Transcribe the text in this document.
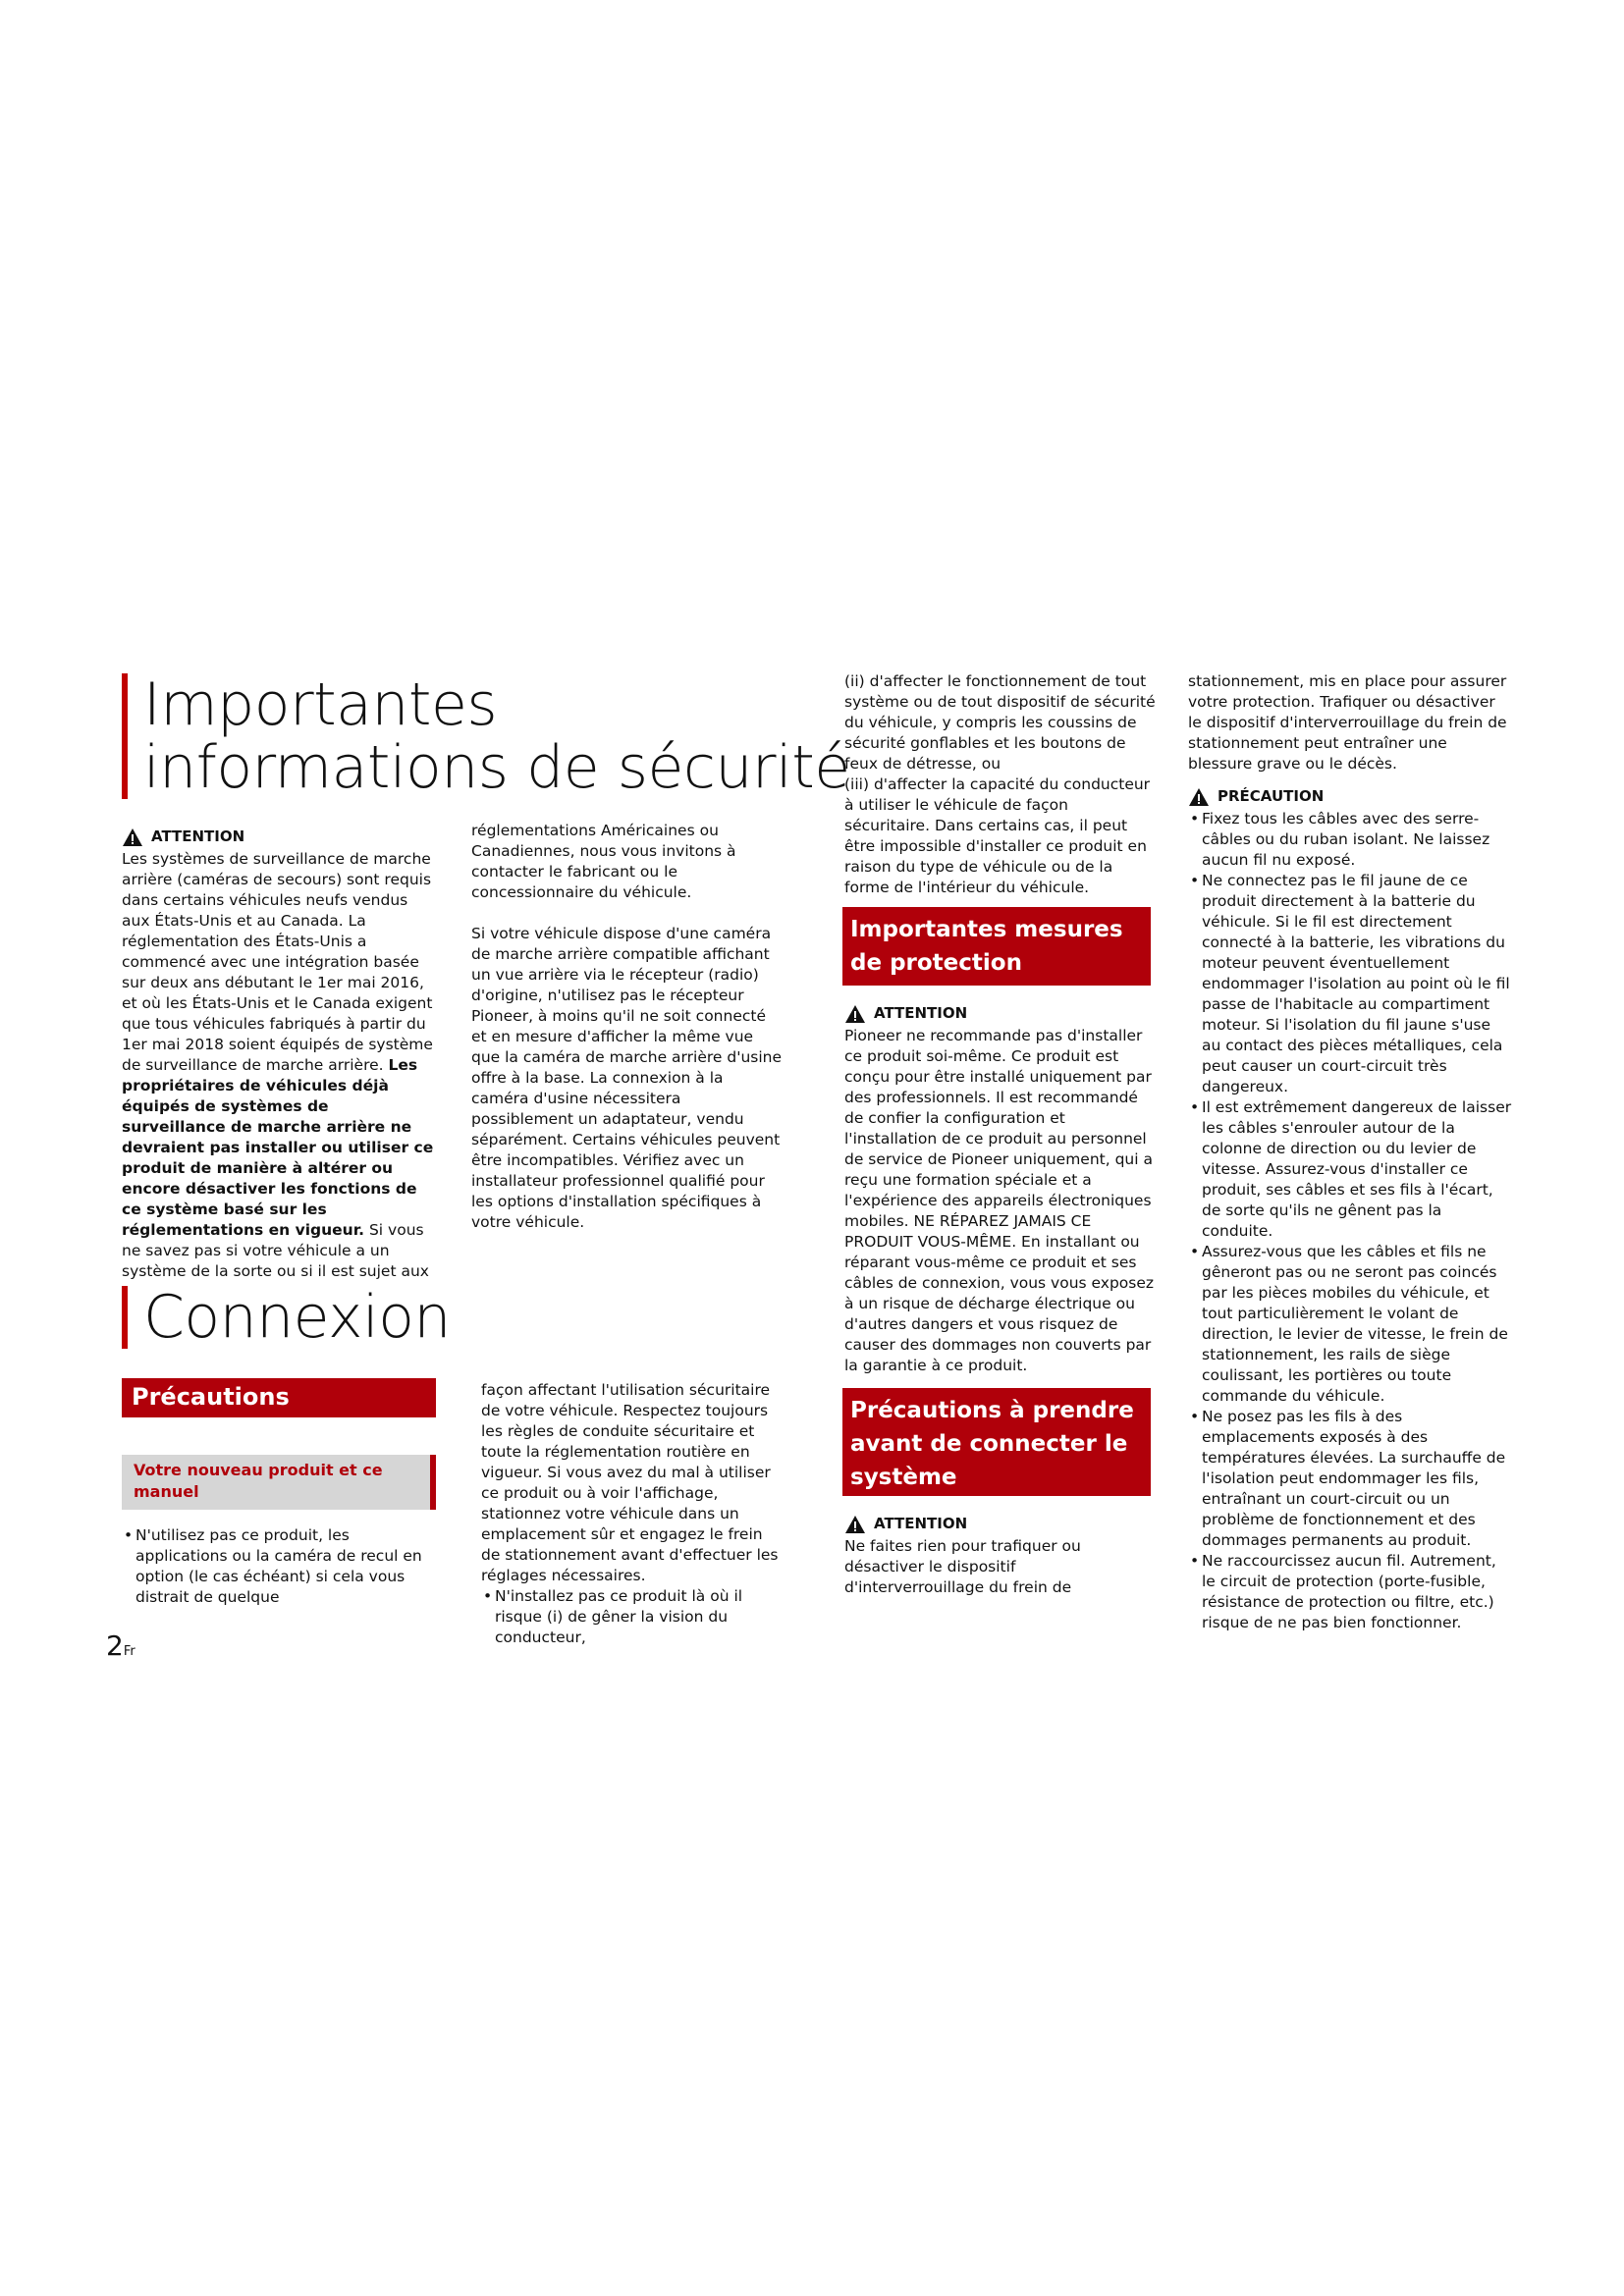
Importantes informations de sécurité
ATTENTION

Les systèmes de surveillance de marche arrière (caméras de secours) sont requis dans certains véhicules neufs vendus aux États-Unis et au Canada. La réglementation des États-Unis a commencé avec une intégration basée sur deux ans débutant le 1er mai 2016, et où les États-Unis et le Canada exigent que tous véhicules fabriqués à partir du 1er mai 2018 soient équipés de système de surveillance de marche arrière. Les propriétaires de véhicules déjà équipés de systèmes de surveillance de marche arrière ne devraient pas installer ou utiliser ce produit de manière à altérer ou encore désactiver les fonctions de ce système basé sur les réglementations en vigueur. Si vous ne savez pas si votre véhicule a un système de la sorte ou si il est sujet aux

réglementations Américaines ou Canadiennes, nous vous invitons à contacter le fabricant ou le concessionnaire du véhicule.

Si votre véhicule dispose d'une caméra de marche arrière compatible affichant un vue arrière via le récepteur (radio) d'origine, n'utilisez pas le récepteur Pioneer, à moins qu'il ne soit connecté et en mesure d'afficher la même vue que la caméra de marche arrière d'usine offre à la base. La connexion à la caméra d'usine nécessitera possiblement un adaptateur, vendu séparément. Certains véhicules peuvent être incompatibles. Vérifiez avec un installateur professionnel qualifié pour les options d'installation spécifiques à votre véhicule.

(ii) d'affecter le fonctionnement de tout système ou de tout dispositif de sécurité du véhicule, y compris les coussins de sécurité gonflables et les boutons de feux de détresse, ou
(iii) d'affecter la capacité du conducteur à utiliser le véhicule de façon sécuritaire. Dans certains cas, il peut être impossible d'installer ce produit en raison du type de véhicule ou de la forme de l'intérieur du véhicule.

Importantes mesures de protection
ATTENTION

Pioneer ne recommande pas d'installer ce produit soi-même. Ce produit est conçu pour être installé uniquement par des professionnels. Il est recommandé de confier la configuration et l'installation de ce produit au personnel de service de Pioneer uniquement, qui a reçu une formation spéciale et a l'expérience des appareils électroniques mobiles. NE RÉPAREZ JAMAIS CE PRODUIT VOUS-MÊME. En installant ou réparant vous-même ce produit et ses câbles de connexion, vous vous exposez à un risque de décharge électrique ou d'autres dangers et vous risquez de causer des dommages non couverts par la garantie à ce produit.

Précautions à prendre avant de connecter le système
ATTENTION

Ne faites rien pour trafiquer ou désactiver le dispositif d'interverrouillage du frein de

stationnement, mis en place pour assurer votre protection. Trafiquer ou désactiver le dispositif d'interverrouillage du frein de stationnement peut entraîner une blessure grave ou le décès.

PRÉCAUTION
• Fixez tous les câbles avec des serre-câbles ou du ruban isolant. Ne laissez aucun fil nu exposé.
• Ne connectez pas le fil jaune de ce produit directement à la batterie du véhicule. Si le fil est directement connecté à la batterie, les vibrations du moteur peuvent éventuellement endommager l'isolation au point où le fil passe de l'habitacle au compartiment moteur. Si l'isolation du fil jaune s'use au contact des pièces métalliques, cela peut causer un court-circuit très dangereux.
• Il est extrêmement dangereux de laisser les câbles s'enrouler autour de la colonne de direction ou du levier de vitesse. Assurez-vous d'installer ce produit, ses câbles et ses fils à l'écart, de sorte qu'ils ne gênent pas la conduite.
• Assurez-vous que les câbles et fils ne gêneront pas ou ne seront pas coincés par les pièces mobiles du véhicule, et tout particulièrement le volant de direction, le levier de vitesse, le frein de stationnement, les rails de siège coulissant, les portières ou toute commande du véhicule.
• Ne posez pas les fils à des emplacements exposés à des températures élevées. La surchauffe de l'isolation peut endommager les fils, entraînant un court-circuit ou un problème de fonctionnement et des dommages permanents au produit.
• Ne raccourcissez aucun fil. Autrement, le circuit de protection (porte-fusible, résistance de protection ou filtre, etc.) risque de ne pas bien fonctionner.
Connexion
Précautions
Votre nouveau produit et ce manuel
• N'utilisez pas ce produit, les applications ou la caméra de recul en option (le cas échéant) si cela vous distrait de quelque

façon affectant l'utilisation sécuritaire de votre véhicule. Respectez toujours les règles de conduite sécuritaire et toute la réglementation routière en vigueur. Si vous avez du mal à utiliser ce produit ou à voir l'affichage, stationnez votre véhicule dans un emplacement sûr et engagez le frein de stationnement avant d'effectuer les réglages nécessaires.

• N'installez pas ce produit là où il risque (i) de gêner la vision du conducteur,
2Fr
